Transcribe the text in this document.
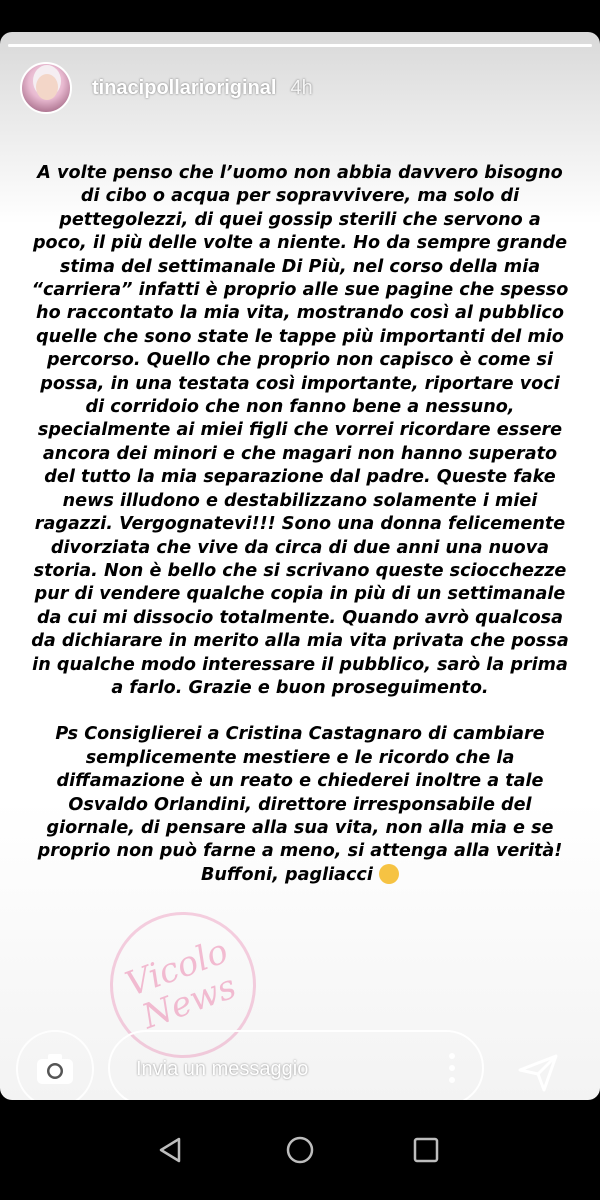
tinacipollarioriginal 4h

A volte penso che l’uomo non abbia davvero bisogno di cibo o acqua per sopravvivere, ma solo di pettegolezzi, di quei gossip sterili che servono a poco, il più delle volte a niente. Ho da sempre grande stima del settimanale Di Più, nel corso della mia “carriera” infatti è proprio alle sue pagine che spesso ho raccontato la mia vita, mostrando così al pubblico quelle che sono state le tappe più importanti del mio percorso. Quello che proprio non capisco è come si possa, in una testata così importante, riportare voci di corridoio che non fanno bene a nessuno, specialmente ai miei figli che vorrei ricordare essere ancora dei minori e che magari non hanno superato del tutto la mia separazione dal padre. Queste fake news illudono e destabilizzano solamente i miei ragazzi. Vergognatevi!!! Sono una donna felicemente divorziata che vive da circa di due anni una nuova storia. Non è bello che si scrivano queste sciocchezze pur di vendere qualche copia in più di un settimanale da cui mi dissocio totalmente. Quando avrò qualcosa da dichiarare in merito alla mia vita privata che possa in qualche modo interessare il pubblico, sarò la prima a farlo. Grazie e buon proseguimento.

Ps Consiglierei a Cristina Castagnaro di cambiare semplicemente mestiere e le ricordo che la diffamazione è un reato e chiederei inoltre a tale Osvaldo Orlandini, direttore irresponsabile del giornale, di pensare alla sua vita, non alla mia e se proprio non può farne a meno, si attenga alla verità! Buffoni, pagliacci

Vicolo News
Invia un messaggio
